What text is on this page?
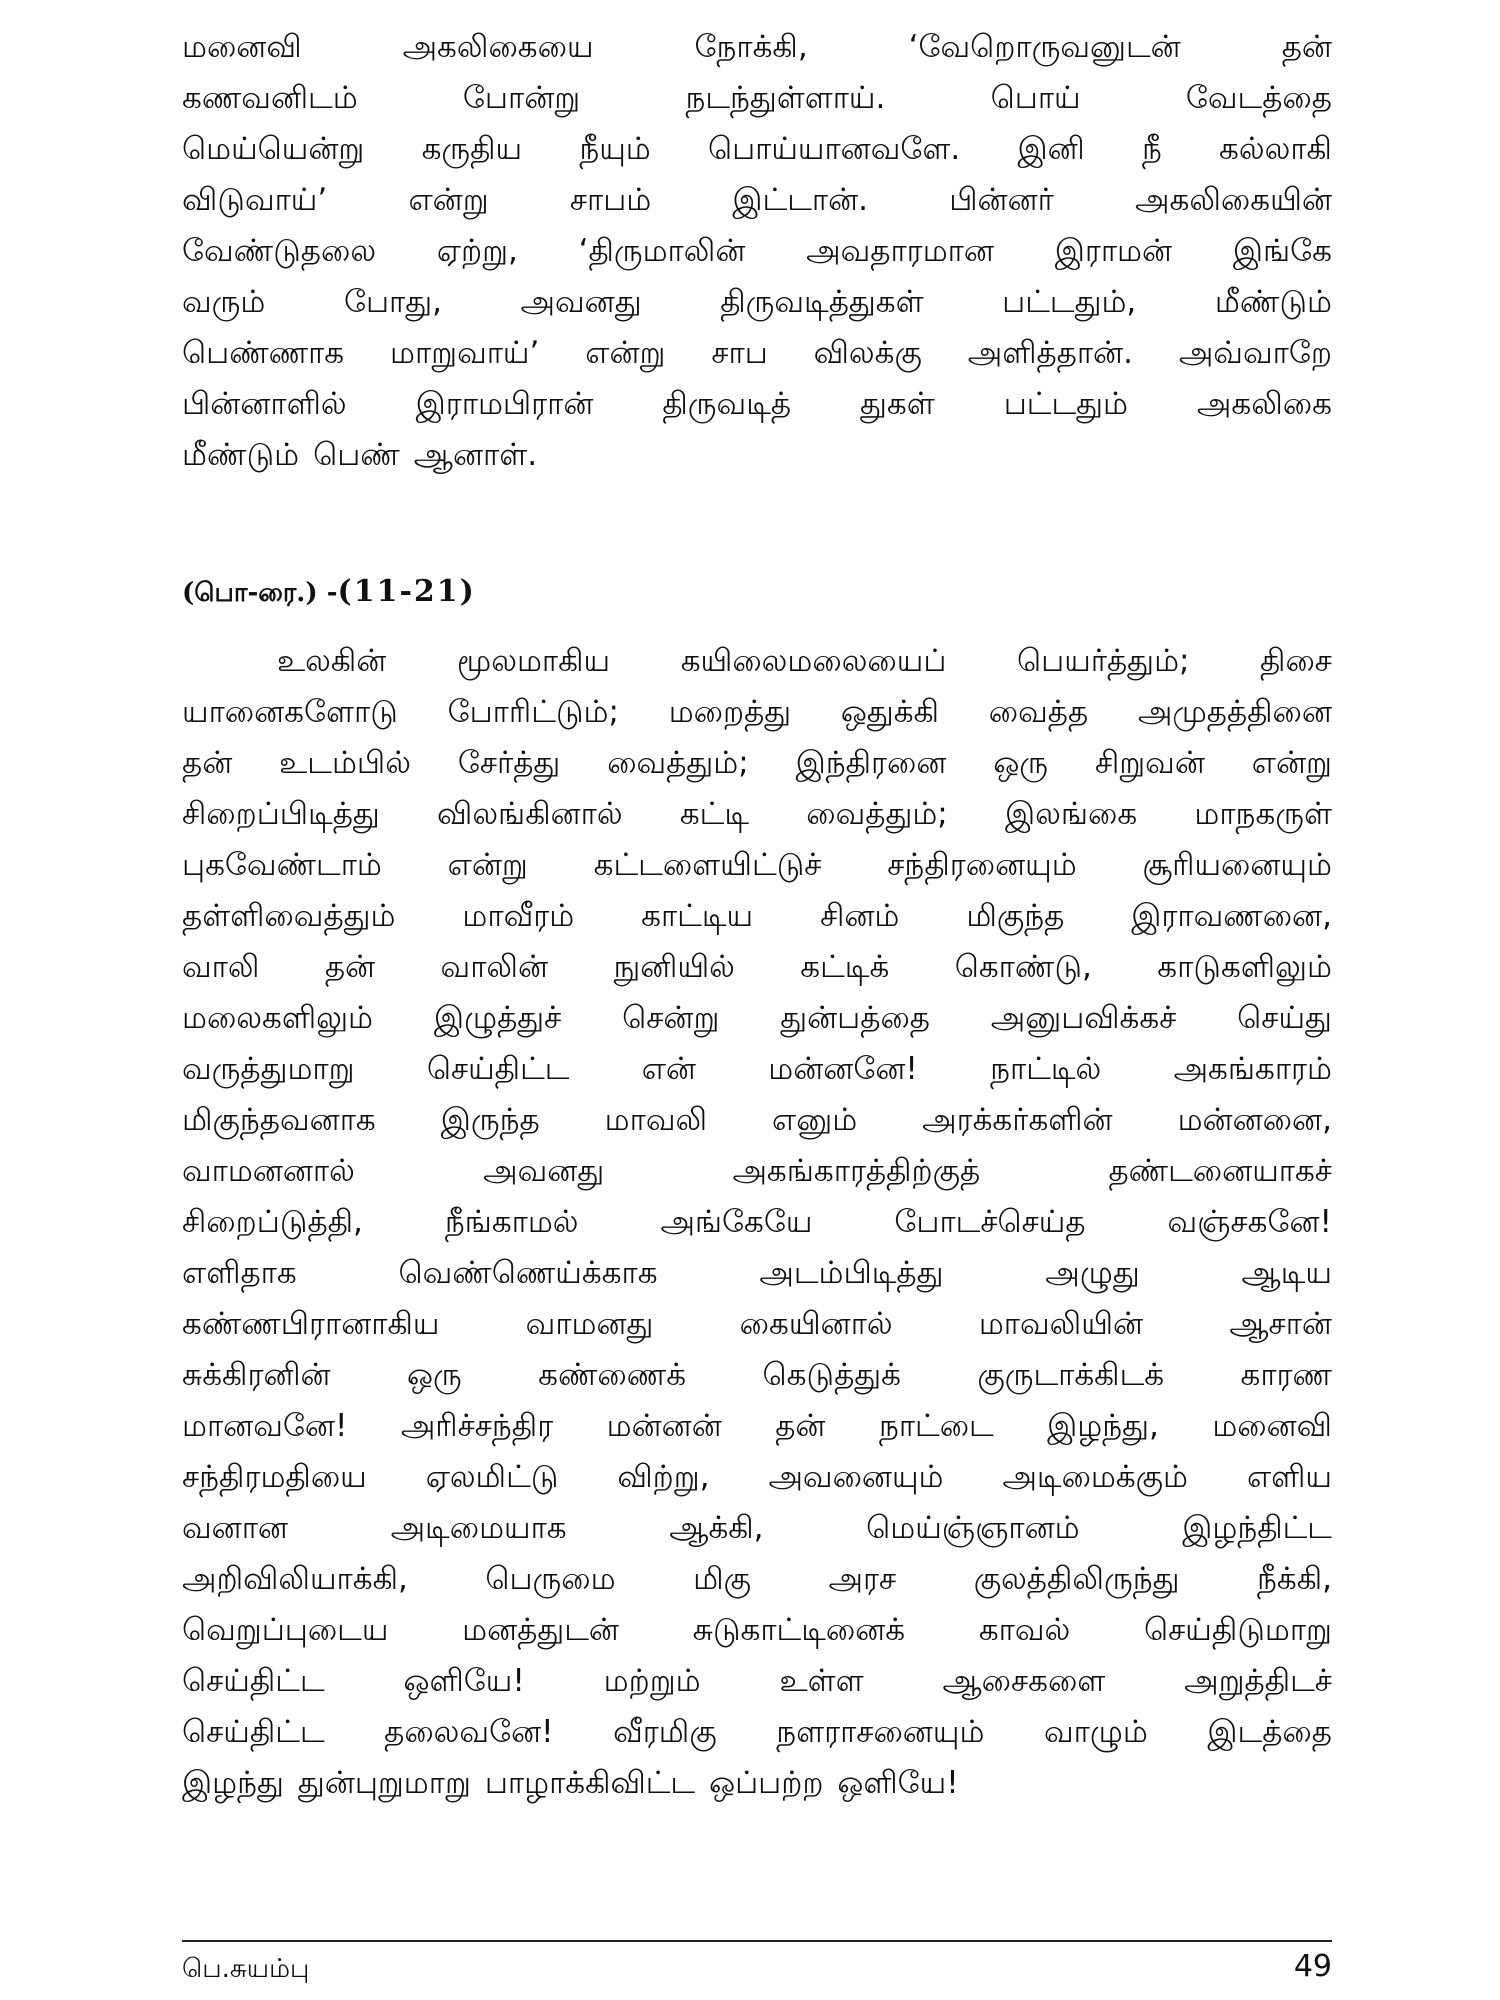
மனைவி	அகலிகையை	நோக்கி,	‘வேறொருவனுடன்	தன்
கணவனிடம்	போன்று	நடந்துள்ளாய்.	பொய்	வேடத்தை
மெய்யென்று கருதிய நீயும் பொய்யானவளே. இனி நீ கல்லாகி
விடுவாய்’	என்று	சாபம்	இட்டான்.	பின்னர்	அகலிகையின்
வேண்டுதலை ஏற்று, ‘திருமாலின் அவதாரமான இராமன் இங்கே
வரும்	போது,	அவனது	திருவடித்துகள்	பட்டதும்,	மீண்டும்
பெண்ணாக மாறுவாய்’ என்று சாப விலக்கு அளித்தான். அவ்வாறே
பின்னாளில் இராமபிரான் திருவடித் துகள் பட்டதும் அகலிகை
மீண்டும் பெண் ஆனாள்.
(பொ-ரை.) -(11-21)
உலகின் மூலமாகிய கயிலைமலையைப் பெயர்த்தும்; திசை
யானைகளோடு போரிட்டும்; மறைத்து ஒதுக்கி வைத்த அமுதத்தினை
தன் உடம்பில் சேர்த்து வைத்தும்; இந்திரனை ஒரு சிறுவன் என்று
சிறைப்பிடித்து விலங்கினால் கட்டி வைத்தும்; இலங்கை மாநகருள்
புகவேண்டாம் என்று கட்டளையிட்டுச் சந்திரனையும் சூரியனையும்
தள்ளிவைத்தும் மாவீரம் காட்டிய சினம் மிகுந்த இராவணனை,
வாலி தன் வாலின் நுனியில் கட்டிக் கொண்டு, காடுகளிலும்
மலைகளிலும் இழுத்துச் சென்று துன்பத்தை அனுபவிக்கச் செய்து
வருத்துமாறு செய்திட்ட என் மன்னனே! நாட்டில் அகங்காரம்
மிகுந்தவனாக இருந்த மாவலி எனும் அரக்கர்களின் மன்னனை,
வாமனனால்	அவனது	அகங்காரத்திற்குத்	தண்டனையாகச்
சிறைப்டுத்தி,	நீங்காமல்	அங்கேயே	போடச்செய்த	வஞ்சகனே!
எளிதாக	வெண்ணெய்க்காக	அடம்பிடித்து	அழுது	ஆடிய
கண்ணபிரானாகிய	வாமனது	கையினால்	மாவலியின்	ஆசான்
சுக்கிரனின் ஒரு கண்ணைக் கெடுத்துக் குருடாக்கிடக் காரண
மானவனே! அரிச்சந்திர மன்னன் தன் நாட்டை இழந்து, மனைவி
சந்திரமதியை ஏலமிட்டு விற்று, அவனையும் அடிமைக்கும் எளிய
வனான	அடிமையாக	ஆக்கி,	மெய்ஞ்ஞானம்	இழந்திட்ட
அறிவிலியாக்கி,	பெருமை	மிகு	அரச	குலத்திலிருந்து	நீக்கி,
வெறுப்புடைய மனத்துடன் சுடுகாட்டினைக் காவல் செய்திடுமாறு
செய்திட்ட	ஒளியே!	மற்றும்	உள்ள	ஆசைகளை	அறுத்திடச்
செய்திட்ட தலைவனே! வீரமிகு நளராசனையும் வாழும் இடத்தை
இழந்து துன்புறுமாறு பாழாக்கிவிட்ட ஒப்பற்ற ஒளியே!
பெ.சுயம்பு	49
